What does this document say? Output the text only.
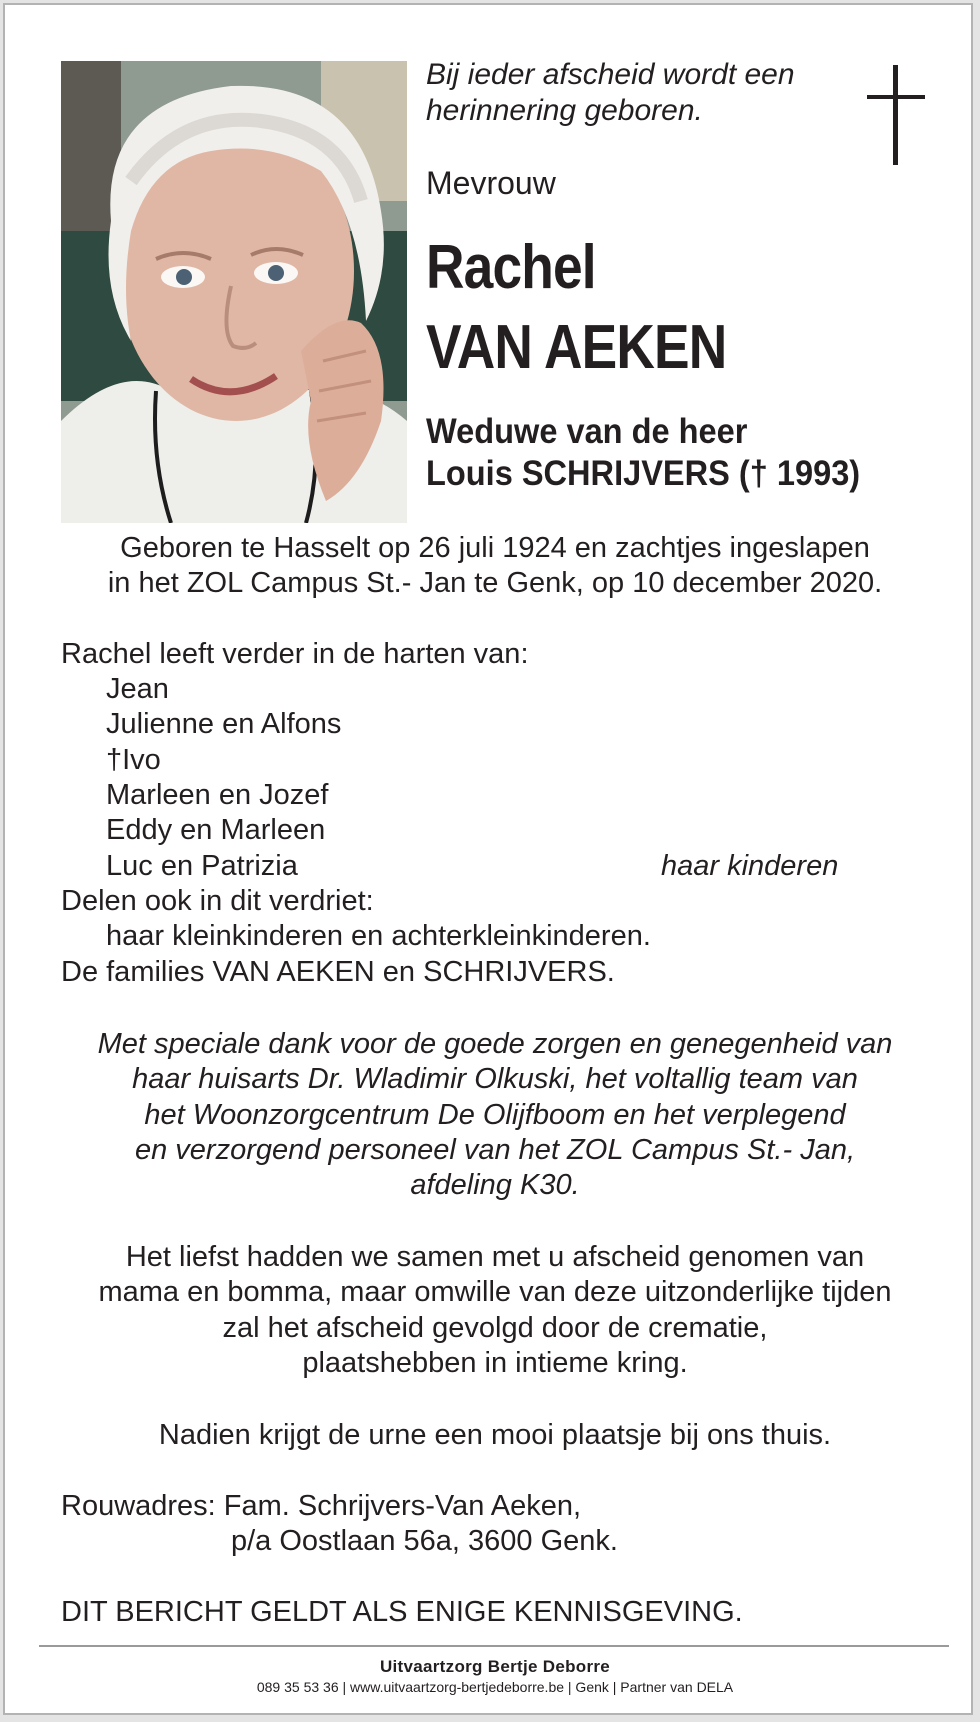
Bij ieder afscheid wordt een
herinnering geboren.
Mevrouw
Rachel
VAN AEKEN
Weduwe van de heer
Louis SCHRIJVERS († 1993)
Geboren te Hasselt op 26 juli 1924 en zachtjes ingeslapen
in het ZOL Campus St.- Jan te Genk, op 10 december 2020.
Rachel leeft verder in de harten van:
Jean
Julienne en Alfons
†Ivo
Marleen en Jozef
Eddy en Marleen
Luc en Patrizia	haar kinderen
Delen ook in dit verdriet:
haar kleinkinderen en achterkleinkinderen.
De families VAN AEKEN en SCHRIJVERS.
Met speciale dank voor de goede zorgen en genegenheid van
haar huisarts Dr. Wladimir Olkuski, het voltallig team van
het Woonzorgcentrum De Olijfboom en het verplegend
en verzorgend personeel van het ZOL Campus St.- Jan,
afdeling K30.
Het liefst hadden we samen met u afscheid genomen van
mama en bomma, maar omwille van deze uitzonderlijke tijden
zal het afscheid gevolgd door de crematie,
plaatshebben in intieme kring.
Nadien krijgt de urne een mooi plaatsje bij ons thuis.
Rouwadres: Fam. Schrijvers-Van Aeken,
p/a Oostlaan 56a, 3600 Genk.
DIT BERICHT GELDT ALS ENIGE KENNISGEVING.
Uitvaartzorg Bertje Deborre
089 35 53 36 | www.uitvaartzorg-bertjedeborre.be | Genk | Partner van DELA
